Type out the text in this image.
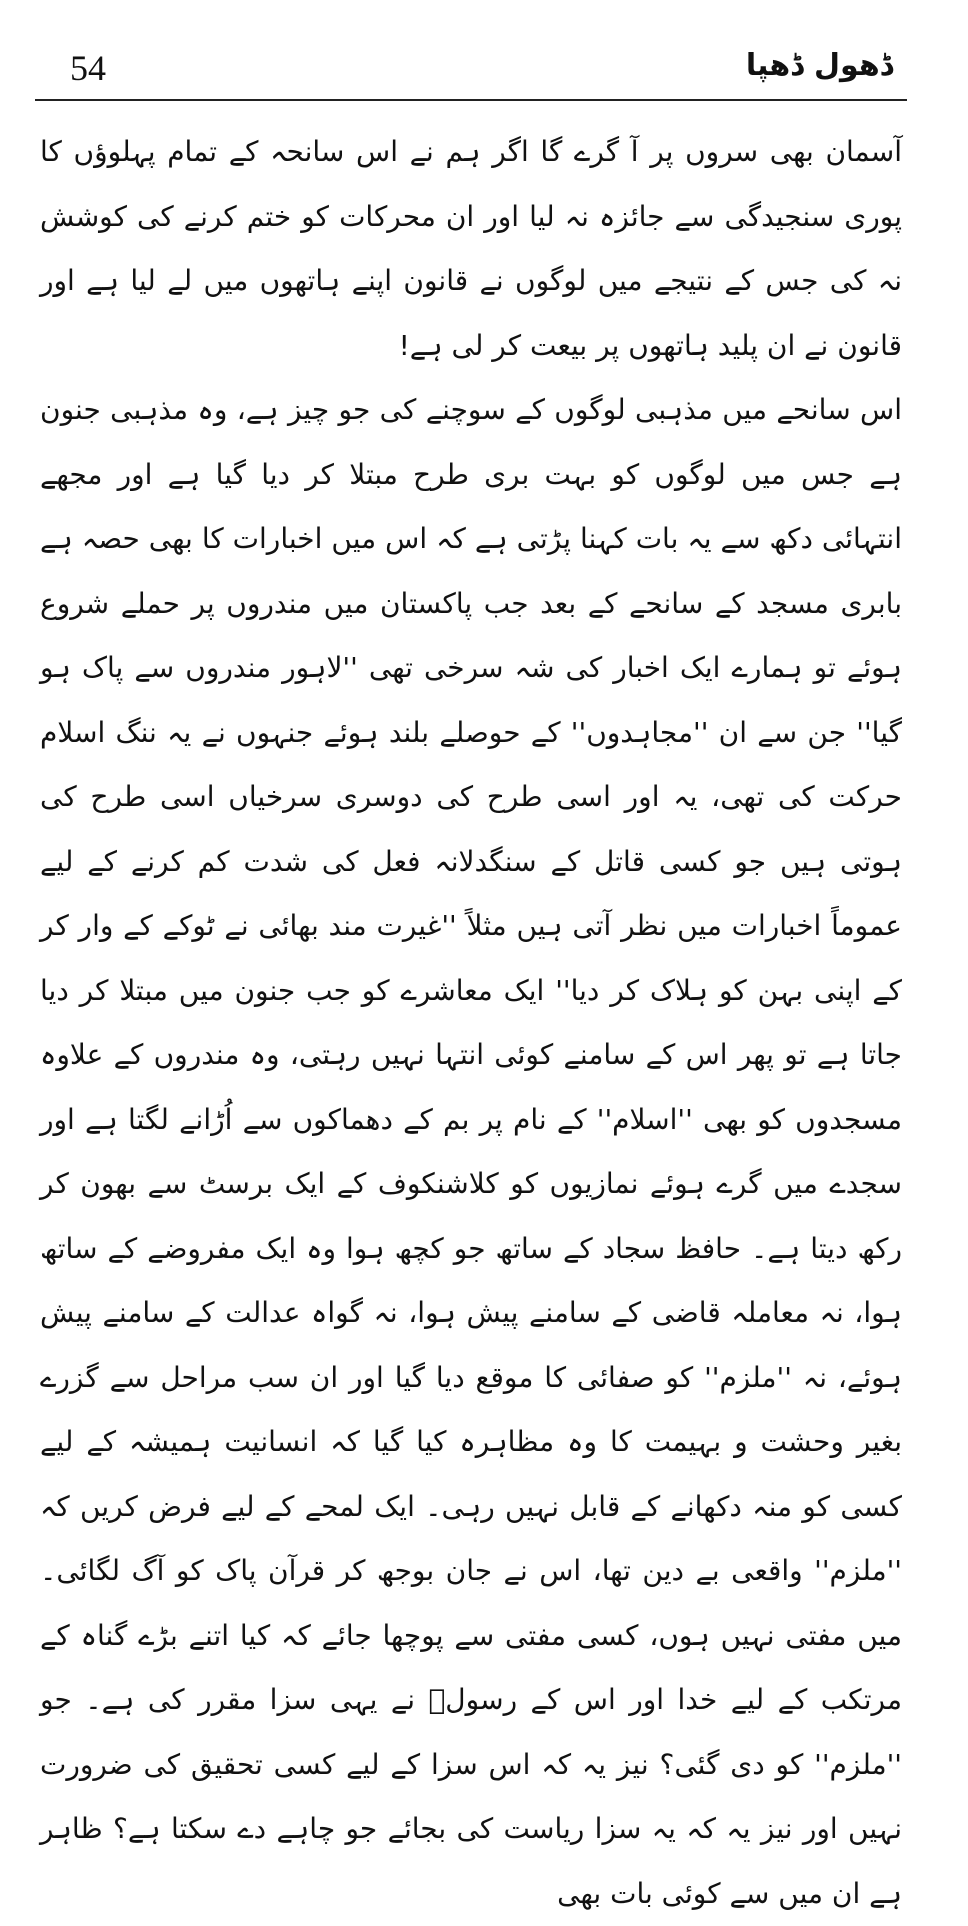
54	ڈھول ڈھپا

آسمان بھی سروں پر آ گرے گا اگر ہم نے اس سانحہ کے تمام پہلوؤں کا پوری سنجیدگی سے جائزہ نہ لیا اور ان محرکات کو ختم کرنے کی کوشش نہ کی جس کے نتیجے میں لوگوں نے قانون اپنے ہاتھوں میں لے لیا ہے اور قانون نے ان پلید ہاتھوں پر بیعت کر لی ہے!

اس سانحے میں مذہبی لوگوں کے سوچنے کی جو چیز ہے، وہ مذہبی جنون ہے جس میں لوگوں کو بہت بری طرح مبتلا کر دیا گیا ہے اور مجھے انتہائی دکھ سے یہ بات کہنا پڑتی ہے کہ اس میں اخبارات کا بھی حصہ ہے بابری مسجد کے سانحے کے بعد جب پاکستان میں مندروں پر حملے شروع ہوئے تو ہمارے ایک اخبار کی شہ سرخی تھی ''لاہور مندروں سے پاک ہو گیا'' جن سے ان ''مجاہدوں'' کے حوصلے بلند ہوئے جنہوں نے یہ ننگ اسلام حرکت کی تھی، یہ اور اسی طرح کی دوسری سرخیاں اسی طرح کی ہوتی ہیں جو کسی قاتل کے سنگدلانہ فعل کی شدت کم کرنے کے لیے عموماً اخبارات میں نظر آتی ہیں مثلاً ''غیرت مند بھائی نے ٹوکے کے وار کر کے اپنی بہن کو ہلاک کر دیا'' ایک معاشرے کو جب جنون میں مبتلا کر دیا جاتا ہے تو پھر اس کے سامنے کوئی انتہا نہیں رہتی، وہ مندروں کے علاوہ مسجدوں کو بھی ''اسلام'' کے نام پر بم کے دھماکوں سے اُڑانے لگتا ہے اور سجدے میں گرے ہوئے نمازیوں کو کلاشنکوف کے ایک برسٹ سے بھون کر رکھ دیتا ہے۔ حافظ سجاد کے ساتھ جو کچھ ہوا وہ ایک مفروضے کے ساتھ ہوا، نہ معاملہ قاضی کے سامنے پیش ہوا، نہ گواہ عدالت کے سامنے پیش ہوئے، نہ ''ملزم'' کو صفائی کا موقع دیا گیا اور ان سب مراحل سے گزرے بغیر وحشت و بہیمت کا وہ مظاہرہ کیا گیا کہ انسانیت ہمیشہ کے لیے کسی کو منہ دکھانے کے قابل نہیں رہی۔ ایک لمحے کے لیے فرض کریں کہ ''ملزم'' واقعی بے دین تھا، اس نے جان بوجھ کر قرآن پاک کو آگ لگائی۔ میں مفتی نہیں ہوں، کسی مفتی سے پوچھا جائے کہ کیا اتنے بڑے گناہ کے مرتکب کے لیے خدا اور اس کے رسولؐ نے یہی سزا مقرر کی ہے۔ جو ''ملزم'' کو دی گئی؟ نیز یہ کہ اس سزا کے لیے کسی تحقیق کی ضرورت نہیں اور نیز یہ کہ یہ سزا ریاست کی بجائے جو چاہے دے سکتا ہے؟ ظاہر ہے ان میں سے کوئی بات بھی
